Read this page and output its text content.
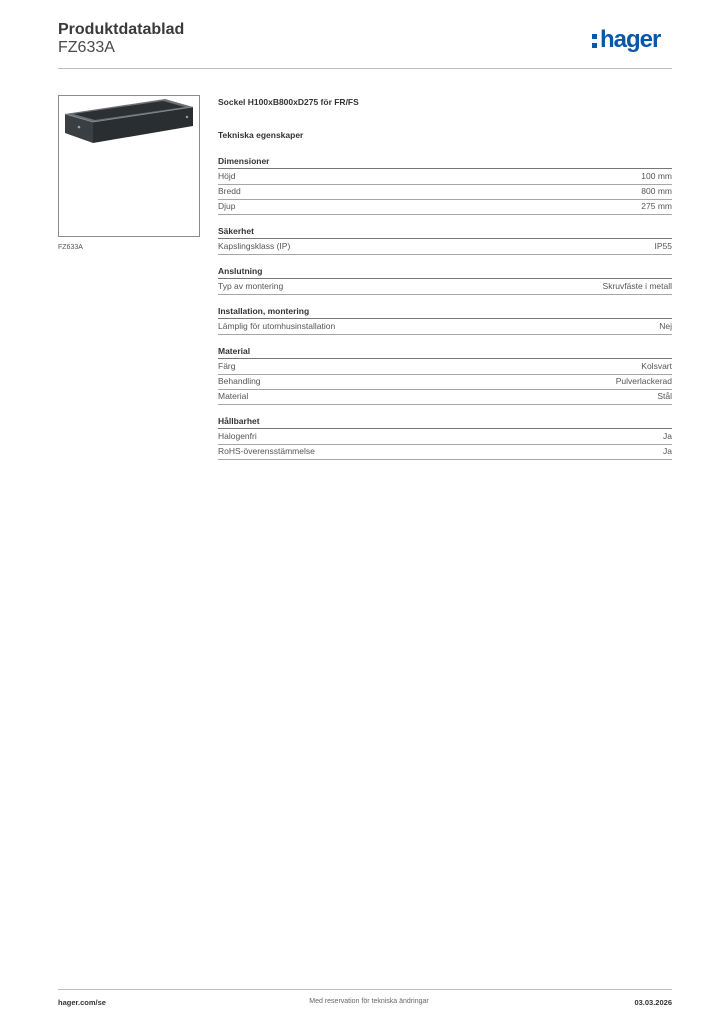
Produktdatablad
FZ633A	hager
FZ633A
Sockel H100xB800xD275 för FR/FS
Tekniska egenskaper
Dimensioner
Höjd	100 mm
Bredd	800 mm
Djup	275 mm
Säkerhet
Kapslingsklass (IP)	IP55
Anslutning
Typ av montering	Skruvfäste i metall
Installation, montering
Lämplig för utomhusinstallation	Nej
Material
Färg	Kolsvart
Behandling	Pulverlackerad
Material	Stål
Hållbarhet
Halogenfri	Ja
RoHS-överensstämmelse	Ja
hager.com/se	Med reservation för tekniska ändringar	03.03.2026
